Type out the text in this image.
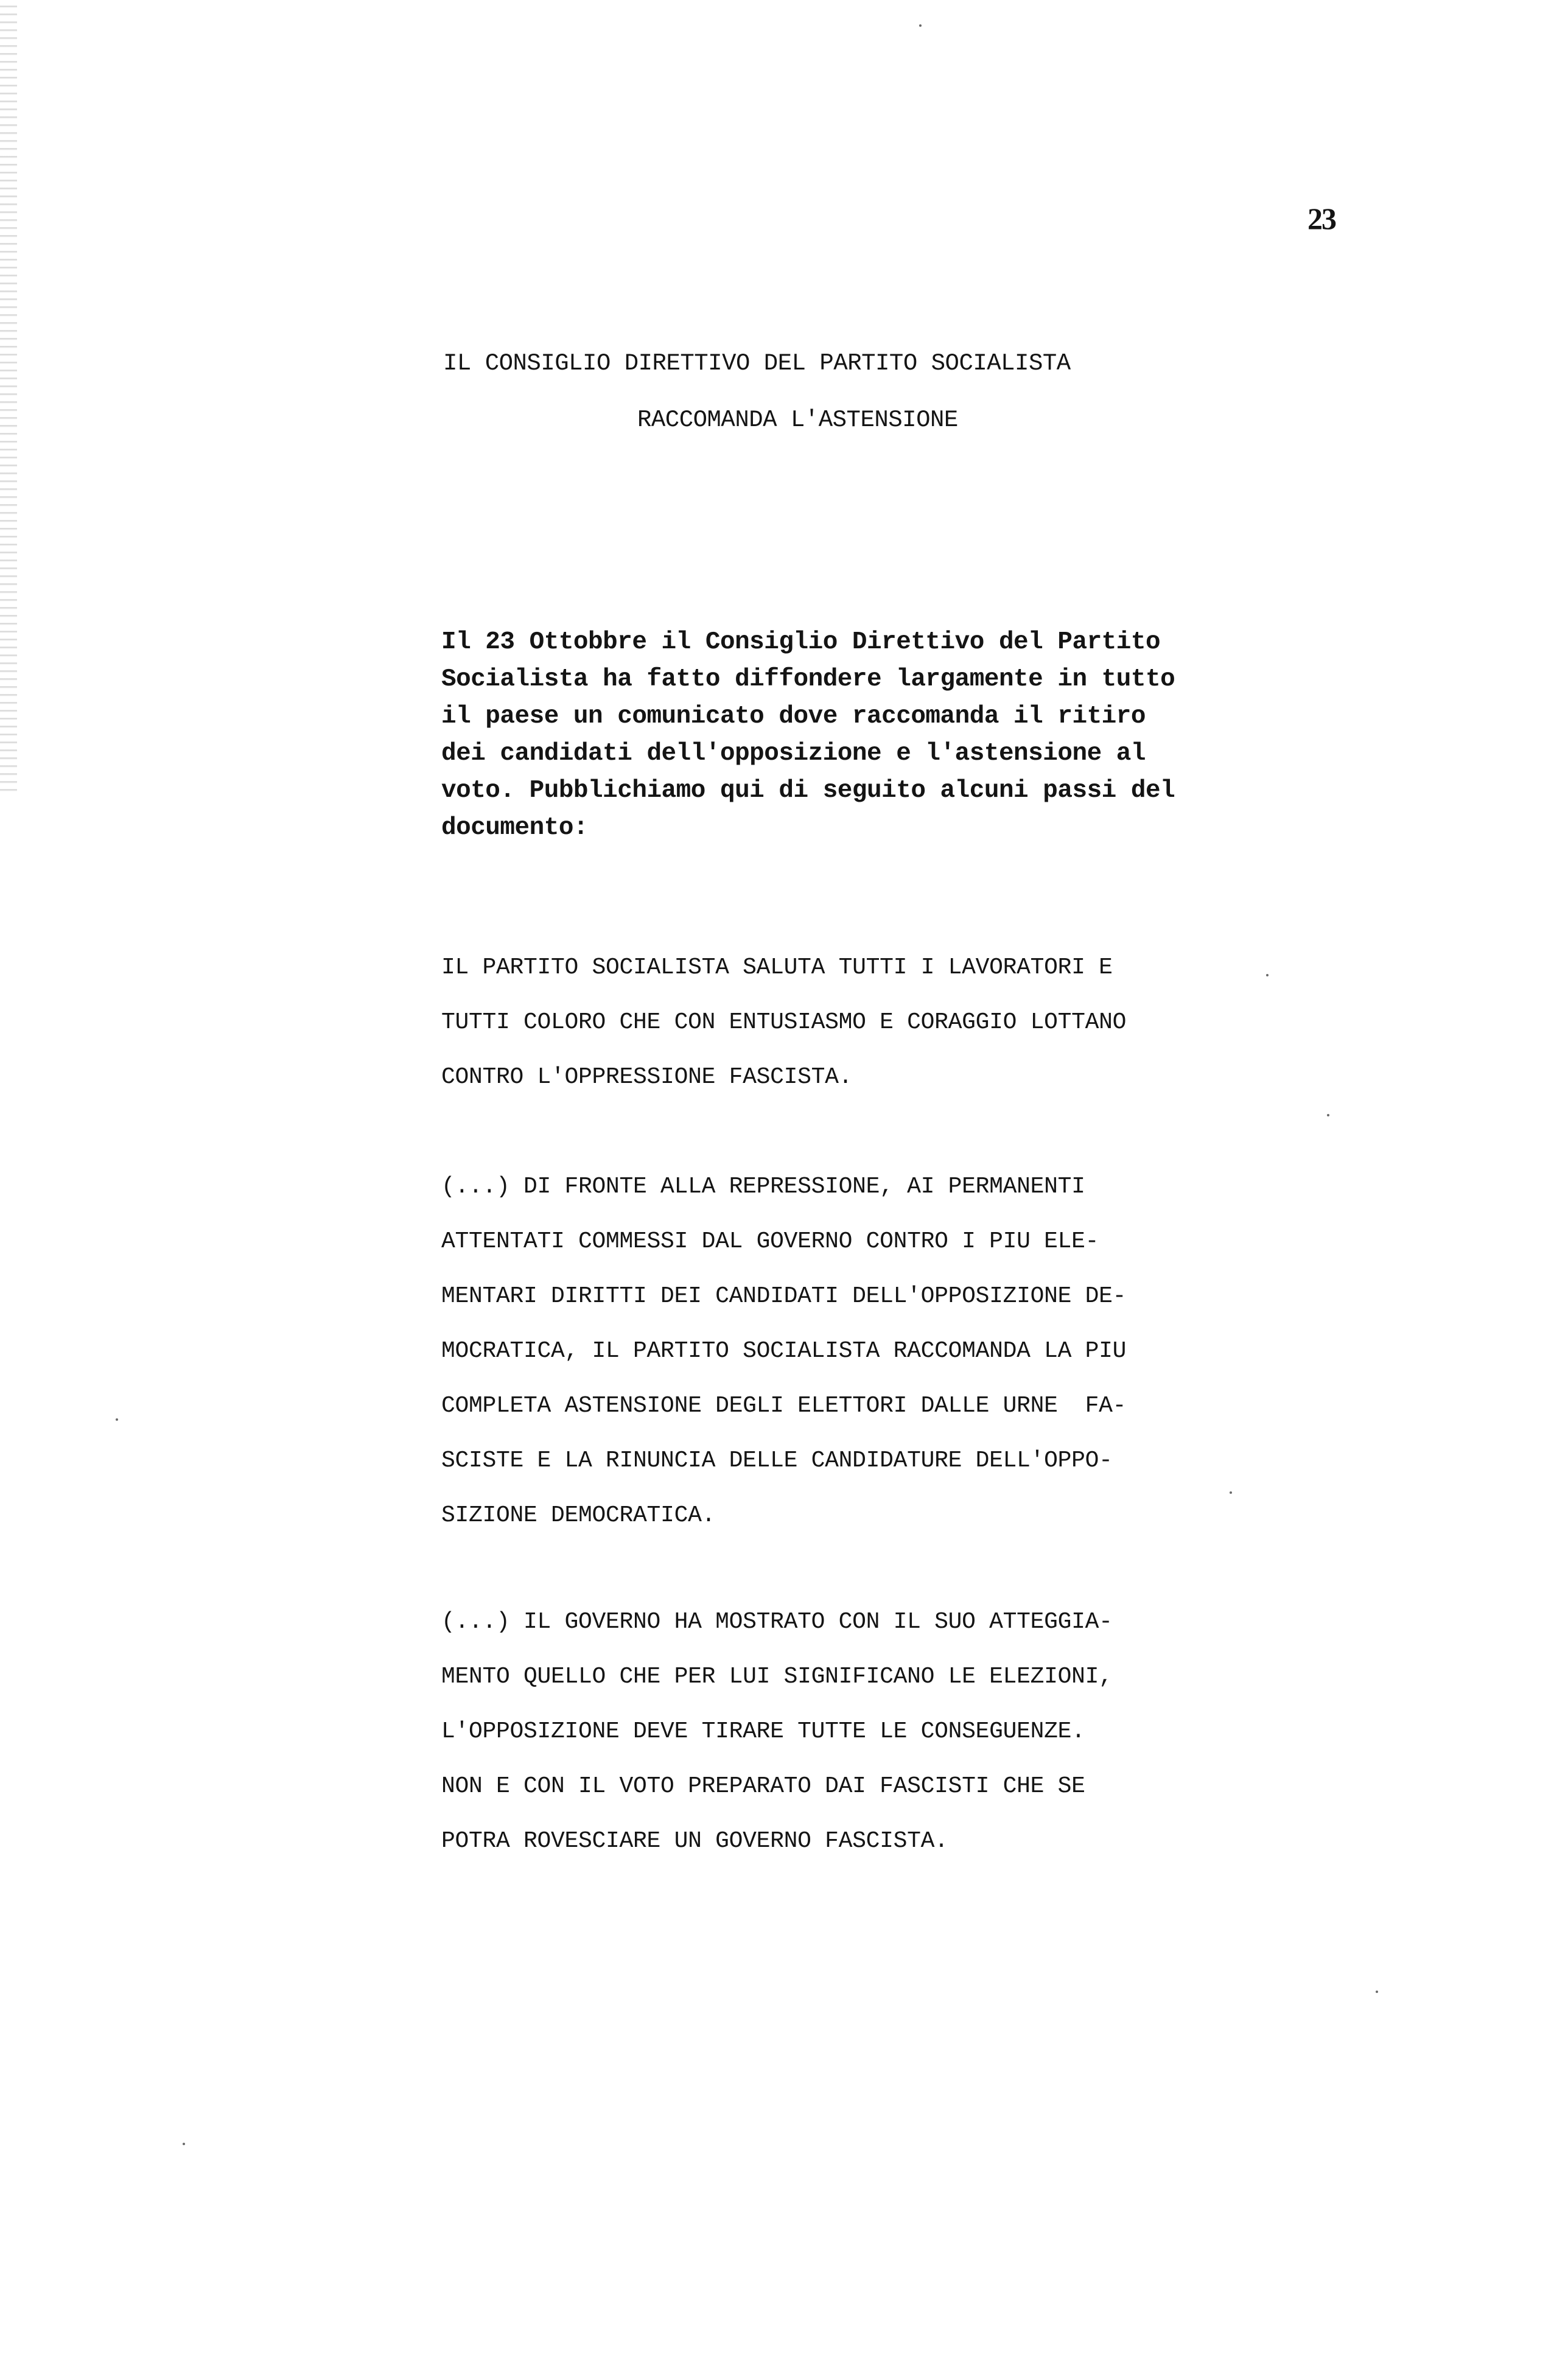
23
IL CONSIGLIO DIRETTIVO DEL PARTITO SOCIALISTA
RACCOMANDA L'ASTENSIONE
Il 23 Ottobbre il Consiglio Direttivo del Partito
Socialista ha fatto diffondere largamente in tutto
il paese un comunicato dove raccomanda il ritiro
dei candidati dell'opposizione e l'astensione al
voto. Pubblichiamo qui di seguito alcuni passi del
documento:
IL PARTITO SOCIALISTA SALUTA TUTTI I LAVORATORI E
TUTTI COLORO CHE CON ENTUSIASMO E CORAGGIO LOTTANO
CONTRO L'OPPRESSIONE FASCISTA.
(...) DI FRONTE ALLA REPRESSIONE, AI PERMANENTI
ATTENTATI COMMESSI DAL GOVERNO CONTRO I PIU ELE-
MENTARI DIRITTI DEI CANDIDATI DELL'OPPOSIZIONE DE-
MOCRATICA, IL PARTITO SOCIALISTA RACCOMANDA LA PIU
COMPLETA ASTENSIONE DEGLI ELETTORI DALLE URNE  FA-
SCISTE E LA RINUNCIA DELLE CANDIDATURE DELL'OPPO-
SIZIONE DEMOCRATICA.
(...) IL GOVERNO HA MOSTRATO CON IL SUO ATTEGGIA-
MENTO QUELLO CHE PER LUI SIGNIFICANO LE ELEZIONI,
L'OPPOSIZIONE DEVE TIRARE TUTTE LE CONSEGUENZE.
NON E CON IL VOTO PREPARATO DAI FASCISTI CHE SE
POTRA ROVESCIARE UN GOVERNO FASCISTA.
